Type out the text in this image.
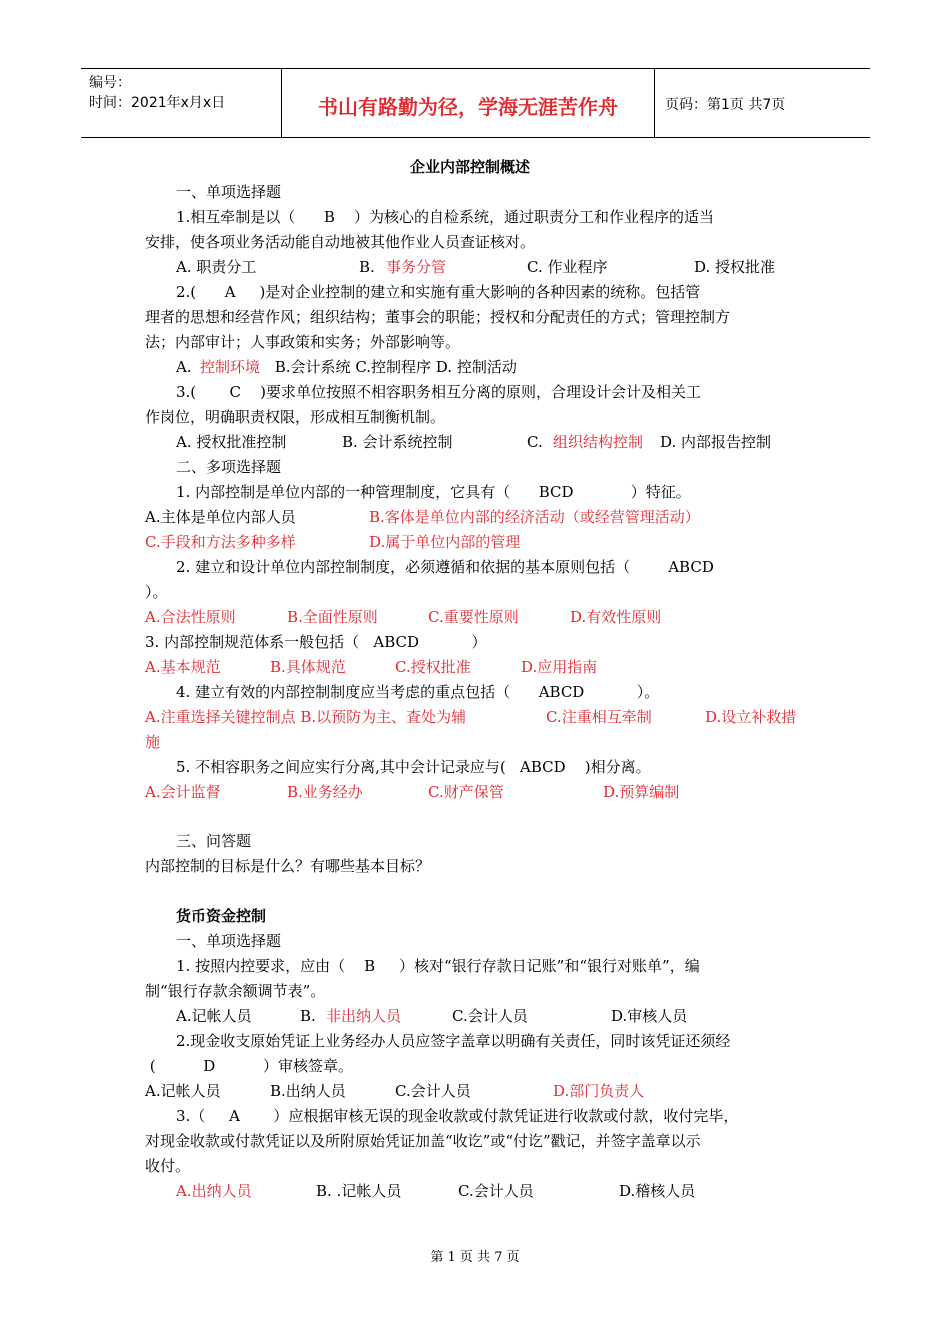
编号：
时间：2021年x月x日	书山有路勤为径，学海无涯苦作舟	页码：第1页 共7页
企业内部控制概述
一、单项选择题
1.相互牵制是以（      B    ）为核心的自检系统，通过职责分工和作业程序的适当
安排，使各项业务活动能自动地被其他作业人员查证核对。
A. 职责分工	B. 事务分管	C. 作业程序	D. 授权批准
2.(      A     )是对企业控制的建立和实施有重大影响的各种因素的统称。包括管
理者的思想和经营作风；组织结构；董事会的职能；授权和分配责任的方式；管理控制方
法；内部审计；人事政策和实务；外部影响等。
A. 控制环境 B.会计系统 C.控制程序 D. 控制活动
3.(       C    )要求单位按照不相容职务相互分离的原则，合理设计会计及相关工
作岗位，明确职责权限，形成相互制衡机制。
A. 授权批准控制	B. 会计系统控制	C. 组织结构控制 D. 内部报告控制
二、多项选择题
1. 内部控制是单位内部的一种管理制度，它具有（      BCD            ）特征。
A.主体是单位内部人员	B.客体是单位内部的经济活动（或经营管理活动）
C.手段和方法多种多样	D.属于单位内部的管理
2. 建立和设计单位内部控制制度，必须遵循和依据的基本原则包括（        ABCD
）。
A.合法性原则	B.全面性原则	C.重要性原则	D.有效性原则
3. 内部控制规范体系一般包括（   ABCD           ）
A.基本规范	B.具体规范	C.授权批准	D.应用指南
4. 建立有效的内部控制制度应当考虑的重点包括（      ABCD           ）。
A.注重选择关键控制点 B.以预防为主、査处为辅	C.注重相互牵制	D.设立补救措
施
5. 不相容职务之间应实行分离,其中会计记录应与(   ABCD    )相分离。
A.会计监督	B.业务经办	C.财产保管	D.预算编制
三、问答题
内部控制的目标是什么？有哪些基本目标？
货币资金控制
一、单项选择题
1. 按照内控要求，应由（    B     ）核对“银行存款日记账”和“银行对账单”，编
制“银行存款余额调节表”。
A.记帐人员	B. 非出纳人员	C.会计人员	D.审核人员
2.现金收支原始凭证上业务经办人员应签字盖章以明确有关责任，同时该凭证还须经
(          D          ）审核签章。
A.记帐人员	B.出纳人员	C.会计人员	D.部门负责人
3.（     A       ）应根据审核无误的现金收款或付款凭证进行收款或付款，收付完毕，
对现金收款或付款凭证以及所附原始凭证加盖“收讫”或“付讫”戳记，并签字盖章以示
收付。
A.出纳人员	B. .记帐人员	C.会计人员	D.稽核人员
第 1 页 共 7 页
